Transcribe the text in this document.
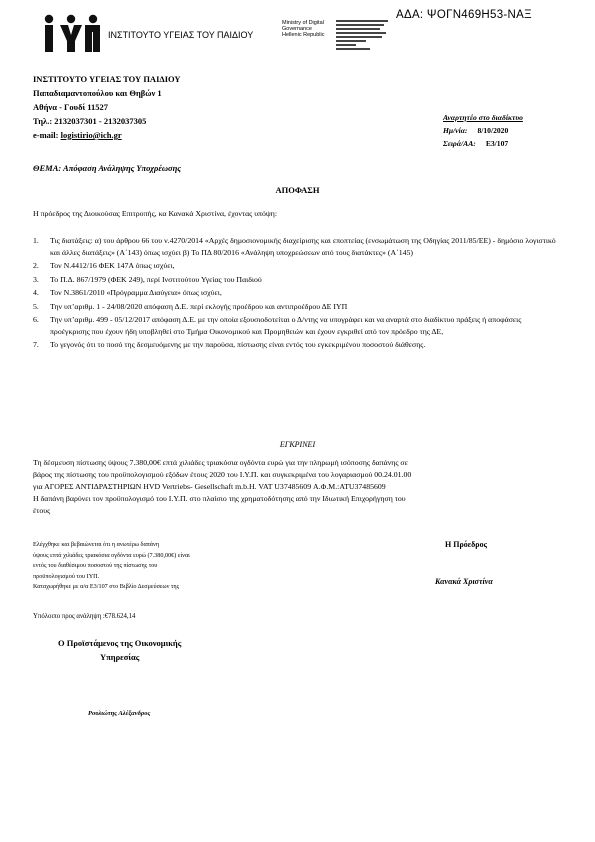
ΑΔΑ: ΨΟΓΝ469Η53-ΝΑΞ
ΙΝΣΤΙΤΟΥΤΟ ΥΓΕΙΑΣ ΤΟΥ ΠΑΙΔΙΟΥ
Ministry of Digital
Governance
Hellenic Republic
ΙΝΣΤΙΤΟΥΤΟ ΥΓΕΙΑΣ ΤΟΥ ΠΑΙΔΙΟΥ
Παπαδιαμαντοπούλου και Θηβών 1
Αθήνα - Γουδί 11527
Τηλ.: 2132037301 - 2132037305
e-mail: logistirio@ich.gr
Αναρτητέο στο διαδίκτυο
Ημ/νία: 8/10/2020
Σειρά/ΑΑ: Ε3/107
ΘΕΜΑ: Απόφαση Ανάληψης Υποχρέωσης
ΑΠΟΦΑΣΗ
Η πρόεδρος της Διοικούσας Επιτροπής, κα Κανακά Χριστίνα, έχοντας υπόψη:
1.	Τις διατάξεις: α) του άρθρου 66 του ν.4270/2014 «Αρχές δημοσιονομικής διαχείρισης και εποπτείας (ενσωμάτωση της Οδηγίας 2011/85/ΕΕ) - δημόσιο λογιστικό και άλλες διατάξεις» (Α΄143) όπως ισχύει β) Το ΠΔ 80/2016 «Ανάληψη υποχρεώσεων από τους διατάκτες» (Α΄145)
2.	Τον Ν.4412/16 ΦΕΚ 147Α όπως ισχύει,
3.	Το Π.Δ. 867/1979 (ΦΕΚ 249), περί Ινστιτούτου Υγείας του Παιδιού
4.	Τον Ν.3861/2010 «Πρόγραμμα Διαύγεια» όπως ισχύει,
5.	Την υπ’αριθμ. 1 - 24/08/2020 απόφαση Δ.Ε. περί εκλογής προέδρου και αντιπροέδρου ΔΕ ΙΥΠ
6.	Την υπ’αριθμ. 499 - 05/12/2017 απόφαση Δ.Ε. με την οποία εξουσιοδοτείται ο Δ/ντης να υπογράφει και να αναρτά στο διαδίκτυο πράξεις ή αποφάσεις προέγκρισης που έχουν ήδη υποβληθεί στο Τμήμα Οικονομικού και Προμηθειών και έχουν εγκριθεί από τον πρόεδρο της ΔΕ,
7.	Το γεγονός ότι το ποσό της δεσμευόμενης με την παρούσα, πίστωσης είναι εντός του εγκεκριμένου ποσοστού διάθεσης.
ΕΓΚΡΙΝΕΙ
Τη δέσμευση πίστωσης ύψους 7.380,00€ επτά χιλιάδες τριακόσια ογδόντα ευρώ για την πληρωμή ισόποσης δαπάνης σε
βάρος της πίστωσης του προϋπολογισμού εξόδων έτους 2020 του Ι.Υ.Π. και συγκεκριμένα του λογαριασμού 00.24.01.00
για ΑΓΟΡΕΣ ΑΝΤΙΔΡΑΣΤΗΡΙΩΝ HVD Vertriebs- Gesellschaft m.b.H. VAT U37485609 Α.Φ.Μ.:ATU37485609
Η δαπάνη βαρύνει τον προϋπολογισμό του Ι.Υ.Π. στο πλαίσιο της χρηματοδότησης από την Ιδιωτική Επιχορήγηση του
έτους
Ελέγχθηκε και βεβαιώνεται ότι η ανωτέρω δαπάνη
ύψους επτά χιλιάδες τριακόσια ογδόντα ευρώ (7.380,00€) είναι
εντός του διαθέσιμου ποσοστού της πίστωσης του
προϋπολογισμού του ΙΥΠ.
Καταχωρήθηκε με α/α Ε3/107 στο Βιβλίο Δεσμεύσεων της
Η Πρόεδρος
Κανακά Χριστίνα
Υπόλοιπο προς ανάληψη :€78.624,14
Ο Προϊστάμενος της Οικονομικής
Υπηρεσίας
Ρουλιώτης Αλέξανδρος
